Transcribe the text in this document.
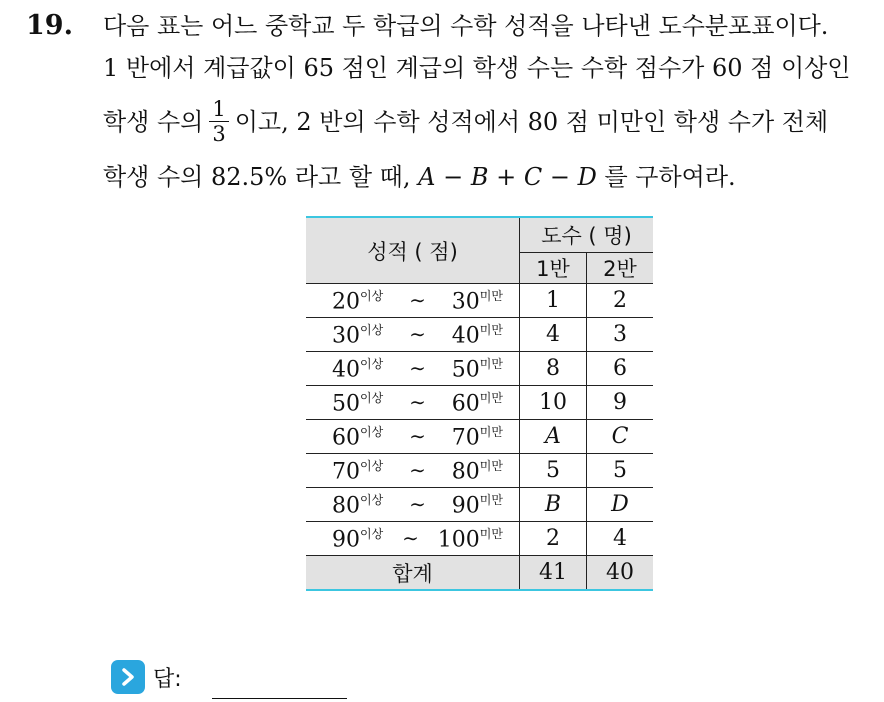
19. 다음 표는 어느 중학교 두 학급의 수학 성적을 나타낸 도수분포표이다.
1 반에서 계급값이 65 점인 계급의 학생 수는 수학 점수가 60 점 이상인
학생 수의 $\frac{1}{3}$ 이고, 2 반의 수학 성적에서 80 점 미만인 학생 수가 전체
학생 수의 82.5% 라고 할 때, A − B + C − D 를 구하여라.
성적 ( 점)	도수 ( 명)	
	1반	2반

$20^{이상}$ ∼ $30^{미만}$	1	2

$30^{이상}$ ∼ $40^{미만}$	4	3

$40^{이상}$ ∼ $50^{미만}$	8	6

$50^{이상}$ ∼ $60^{미만}$	10	9

$60^{이상}$ ∼ $70^{미만}$	A	C

$70^{이상}$ ∼ $80^{미만}$	5	5

$80^{이상}$ ∼ $90^{미만}$	B	D

$90^{이상}$ ∼ $100^{미만}$	2	4
합계	41	40
답:
